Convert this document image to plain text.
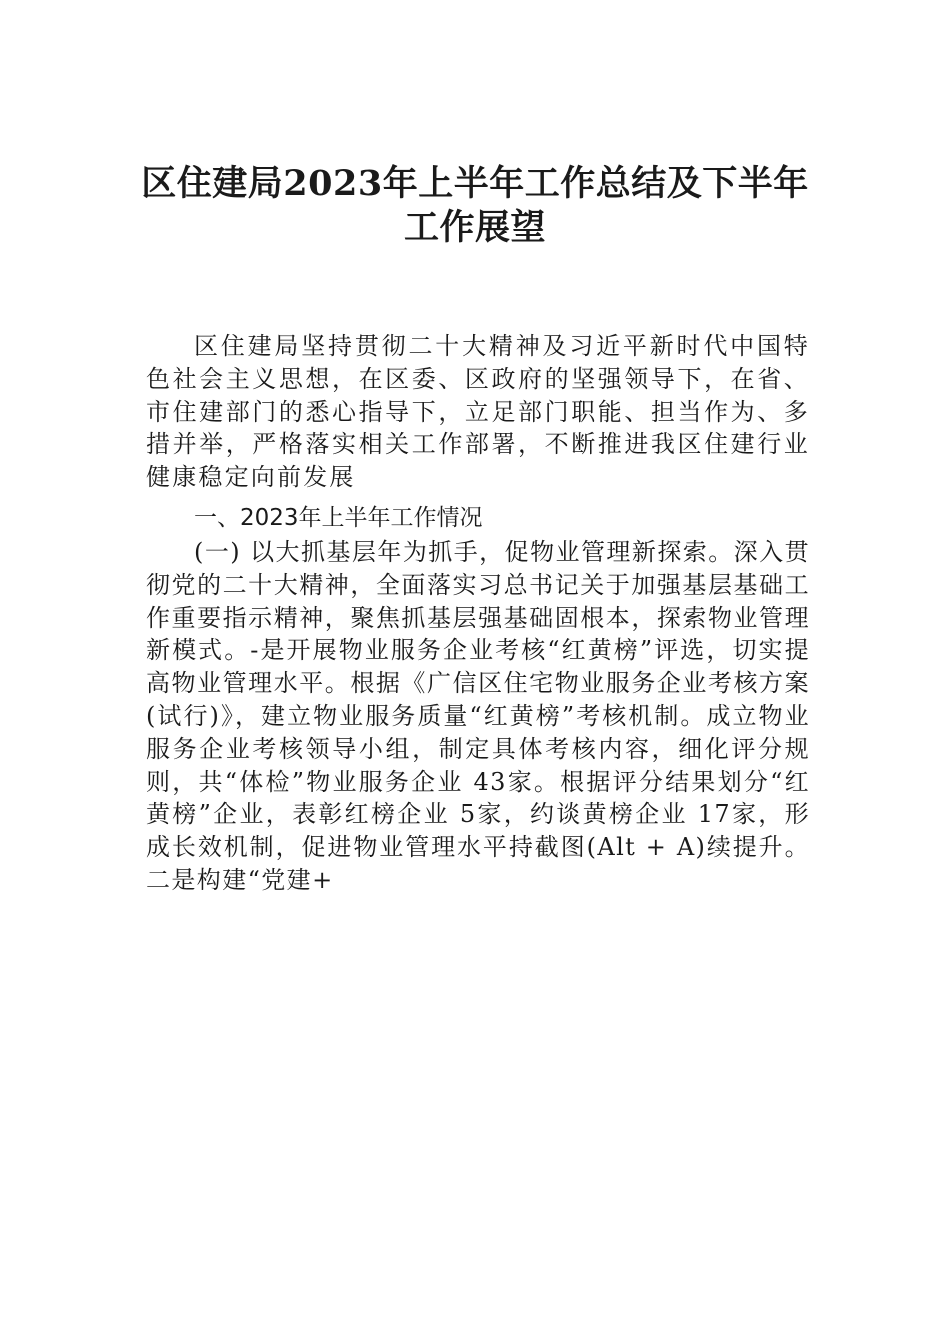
区住建局2023年上半年工作总结及下半年
工作展望

区住建局坚持贯彻二十大精神及习近平新时代中国特色社会主义思想，在区委、区政府的坚强领导下，在省、市住建部门的悉心指导下，立足部门职能、担当作为、多措并举，严格落实相关工作部署，不断推进我区住建行业健康稳定向前发展

一、2023年上半年工作情况

(一) 以大抓基层年为抓手，促物业管理新探索。深入贯彻党的二十大精神，全面落实习总书记关于加强基层基础工作重要指示精神，聚焦抓基层强基础固根本，探索物业管理新模式。-是开展物业服务企业考核“红黄榜”评选，切实提高物业管理水平。根据《广信区住宅物业服务企业考核方案(试行)》，建立物业服务质量“红黄榜”考核机制。成立物业服务企业考核领导小组，制定具体考核内容，细化评分规则，共“体检”物业服务企业 43家。根据评分结果划分“红黄榜”企业，表彰红榜企业 5家，约谈黄榜企业 17家，形成长效机制，促进物业管理水平持截图(Alt + A)续提升。二是构建“党建+
